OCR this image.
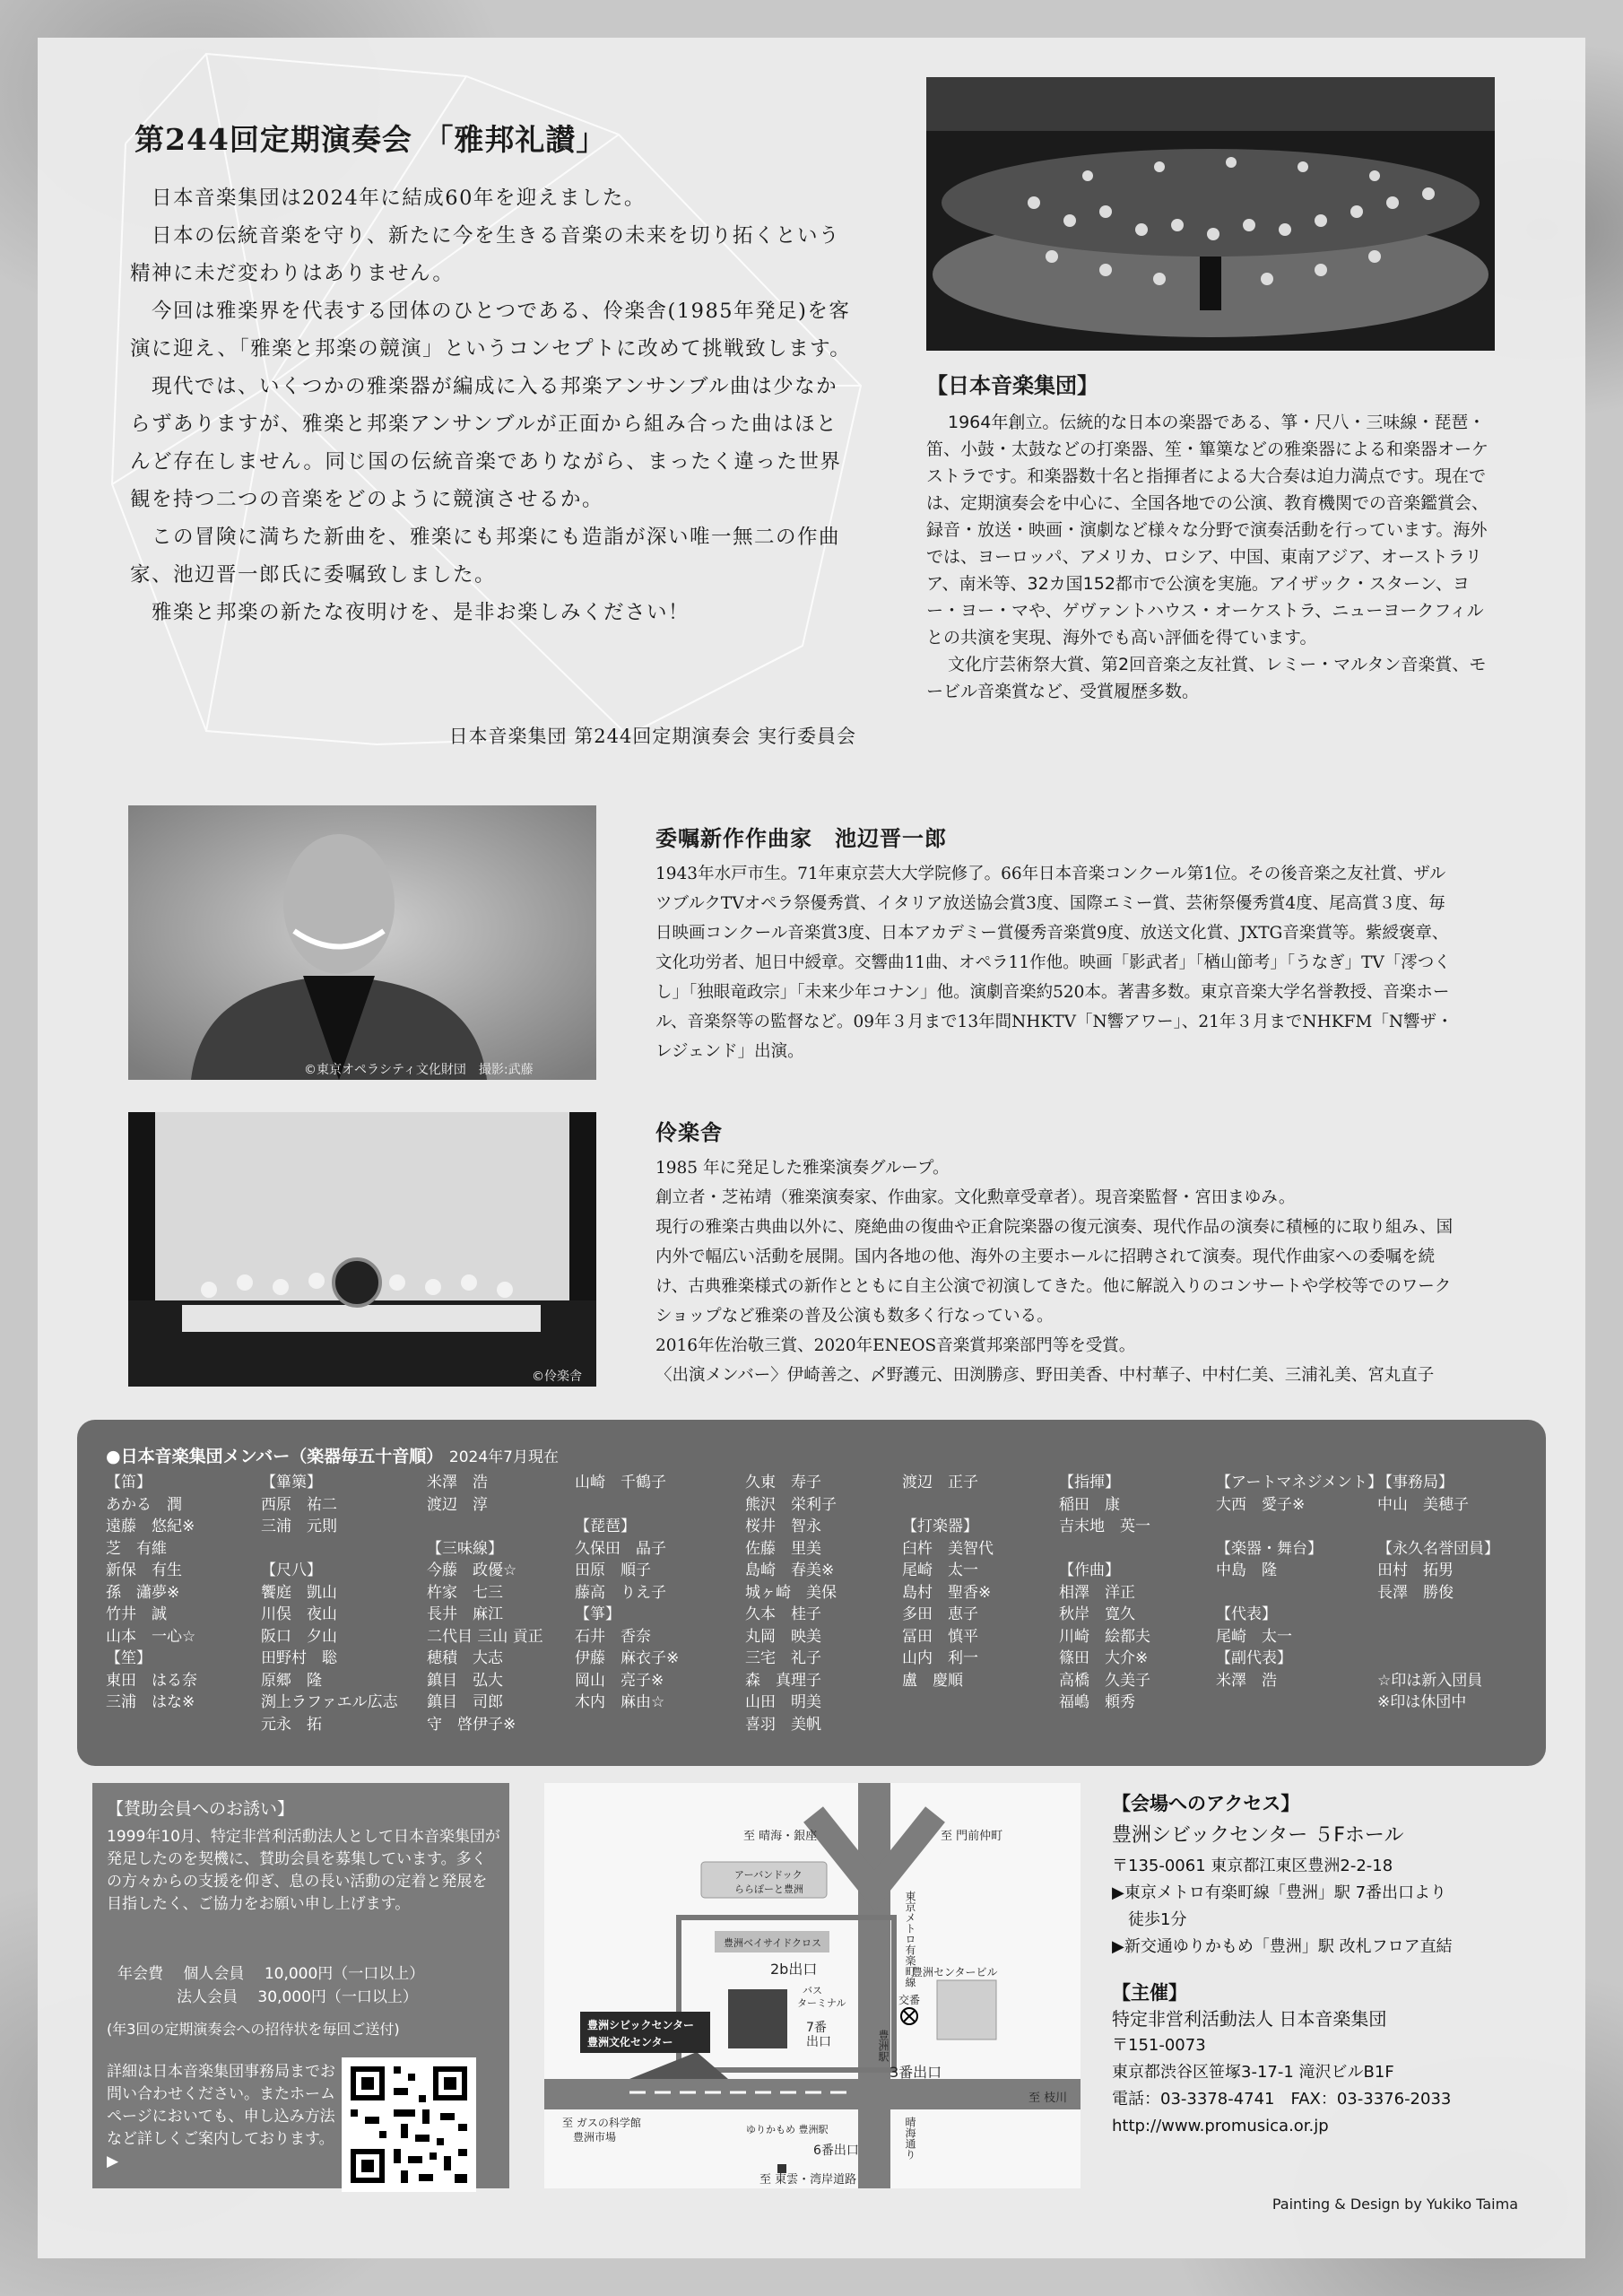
第244回定期演奏会 「雅邦礼讃」

日本音楽集団は2024年に結成60年を迎えました。

日本の伝統音楽を守り、新たに今を生きる音楽の未来を切り拓くという精神に未だ変わりはありません。

今回は雅楽界を代表する団体のひとつである、伶楽舎(1985年発足)を客演に迎え、「雅楽と邦楽の競演」というコンセプトに改めて挑戦致します。

現代では、いくつかの雅楽器が編成に入る邦楽アンサンブル曲は少なからずありますが、雅楽と邦楽アンサンブルが正面から組み合った曲はほとんど存在しません。同じ国の伝統音楽でありながら、まったく違った世界観を持つ二つの音楽をどのように競演させるか。

この冒険に満ちた新曲を、雅楽にも邦楽にも造詣が深い唯一無二の作曲家、池辺晋一郎氏に委嘱致しました。

雅楽と邦楽の新たな夜明けを、是非お楽しみください！

日本音楽集団 第244回定期演奏会 実行委員会
【日本音楽集団】

1964年創立。伝統的な日本の楽器である、箏・尺八・三味線・琵琶・笛、小鼓・太鼓などの打楽器、笙・篳篥などの雅楽器による和楽器オーケストラです。和楽器数十名と指揮者による大合奏は迫力満点です。現在では、定期演奏会を中心に、全国各地での公演、教育機関での音楽鑑賞会、録音・放送・映画・演劇など様々な分野で演奏活動を行っています。海外では、ヨーロッパ、アメリカ、ロシア、中国、東南アジア、オーストラリア、南米等、32カ国152都市で公演を実施。アイザック・スターン、ヨー・ヨー・マや、ゲヴァントハウス・オーケストラ、ニューヨークフィルとの共演を実現、海外でも高い評価を得ています。

文化庁芸術祭大賞、第2回音楽之友社賞、レミー・マルタン音楽賞、モービル音楽賞など、受賞履歴多数。

©東京オペラシティ文化財団　撮影:武藤
委嘱新作作曲家　池辺晋一郎

1943年水戸市生。71年東京芸大大学院修了。66年日本音楽コンクール第1位。その後音楽之友社賞、ザルツブルクTVオペラ祭優秀賞、イタリア放送協会賞3度、国際エミー賞、芸術祭優秀賞4度、尾高賞３度、毎日映画コンクール音楽賞3度、日本アカデミー賞優秀音楽賞9度、放送文化賞、JXTG音楽賞等。紫綬褒章、文化功労者、旭日中綬章。交響曲11曲、オペラ11作他。映画「影武者」「楢山節考」「うなぎ」TV「澪つくし」「独眼竜政宗」「未来少年コナン」他。演劇音楽約520本。著書多数。東京音楽大学名誉教授、音楽ホール、音楽祭等の監督など。09年３月まで13年間NHKTV「N響アワー」、21年３月までNHKFM「N響ザ・レジェンド」出演。

©伶楽舎
伶楽舎

1985 年に発足した雅楽演奏グループ。

創立者・芝祐靖（雅楽演奏家、作曲家。文化勲章受章者）。現音楽監督・宮田まゆみ。

現行の雅楽古典曲以外に、廃絶曲の復曲や正倉院楽器の復元演奏、現代作品の演奏に積極的に取り組み、国内外で幅広い活動を展開。国内各地の他、海外の主要ホールに招聘されて演奏。現代作曲家への委嘱を続け、古典雅楽様式の新作とともに自主公演で初演してきた。他に解説入りのコンサートや学校等でのワークショップなど雅楽の普及公演も数多く行なっている。

2016年佐治敬三賞、2020年ENEOS音楽賞邦楽部門等を受賞。

〈出演メンバー〉伊崎善之、〆野護元、田渕勝彦、野田美香、中村華子、中村仁美、三浦礼美、宮丸直子

●日本音楽集団メンバー（楽器毎五十音順） 2024年7月現在
【笛】
あかる　潤
遠藤　悠紀※
芝　有維
新保　有生
孫　瀟夢※
竹井　誠
山本　一心☆
【笙】
東田　はる奈
三浦　はな※
【篳篥】
西原　祐二
三浦　元則
【尺八】
饗庭　凱山
川俣　夜山
阪口　夕山
田野村　聡
原郷　隆
渕上ラファエル広志
元永　拓
米澤　浩
渡辺　淳
【三味線】
今藤　政優☆
杵家　七三
長井　麻江
二代目 三山 貢正
穂積　大志
鎮目　弘大
鎮目　司郎
守　啓伊子※
山崎　千鶴子
【琵琶】
久保田　晶子
田原　順子
藤高　りえ子
【箏】
石井　香奈
伊藤　麻衣子※
岡山　亮子※
木内　麻由☆
久東　寿子
熊沢　栄利子
桜井　智永
佐藤　里美
島崎　春美※
城ヶ崎　美保
久本　桂子
丸岡　映美
三宅　礼子
森　真理子
山田　明美
喜羽　美帆
渡辺　正子
【打楽器】
臼杵　美智代
尾崎　太一
島村　聖香※
多田　恵子
冨田　慎平
山内　利一
盧　慶順
【指揮】
稲田　康
吉末地　英一
【作曲】
相澤　洋正
秋岸　寛久
川崎　絵都夫
篠田　大介※
高橋　久美子
福嶋　頼秀
【アートマネジメント】
大西　愛子※
【楽器・舞台】
中島　隆
【代表】
尾崎　太一
【副代表】
米澤　浩
【事務局】
中山　美穂子
【永久名誉団員】
田村　拓男
長澤　勝俊
☆印は新入団員
※印は休団中
【賛助会員へのお誘い】
1999年10月、特定非営利活動法人として日本音楽集団が発足したのを契機に、賛助会員を募集しています。多くの方々からの支援を仰ぎ、息の長い活動の定着と発展を目指したく、ご協力をお願い申し上げます。
年会費　 個人会員　 10,000円（一口以上）
法人会員　 30,000円（一口以上）
(年3回の定期演奏会への招待状を毎回ご送付)
詳細は日本音楽集団事務局までお問い合わせください。またホームページにおいても、申し込み方法など詳しくご案内しております。 ▶
至 晴海・銀座	至 門前仲町
アーバンドック
ららぽーと豊洲
豊洲ベイサイドクロス
2b出口
バス
ターミナル	交番
7番
出口
豊洲センタービル
3番出口
至 ガスの科学館
豊洲市場
ゆりかもめ 豊洲駅
6番出口
至 枝川
至 東雲・湾岸道路
豊洲シビックセンター
豊洲文化センター
東京メトロ有楽町線
豊洲駅
晴海通り
【会場へのアクセス】
豊洲シビックセンター ５Fホール
〒135-0061 東京都江東区豊洲2-2-18
▶東京メトロ有楽町線「豊洲」駅 7番出口より
徒歩1分
▶新交通ゆりかもめ「豊洲」駅 改札フロア直結
【主催】
特定非営利活動法人 日本音楽集団
〒151-0073
東京都渋谷区笹塚3-17-1 滝沢ビルB1F
電話：03-3378-4741　FAX：03-3376-2033
http://www.promusica.or.jp
Painting & Design by Yukiko Taima
